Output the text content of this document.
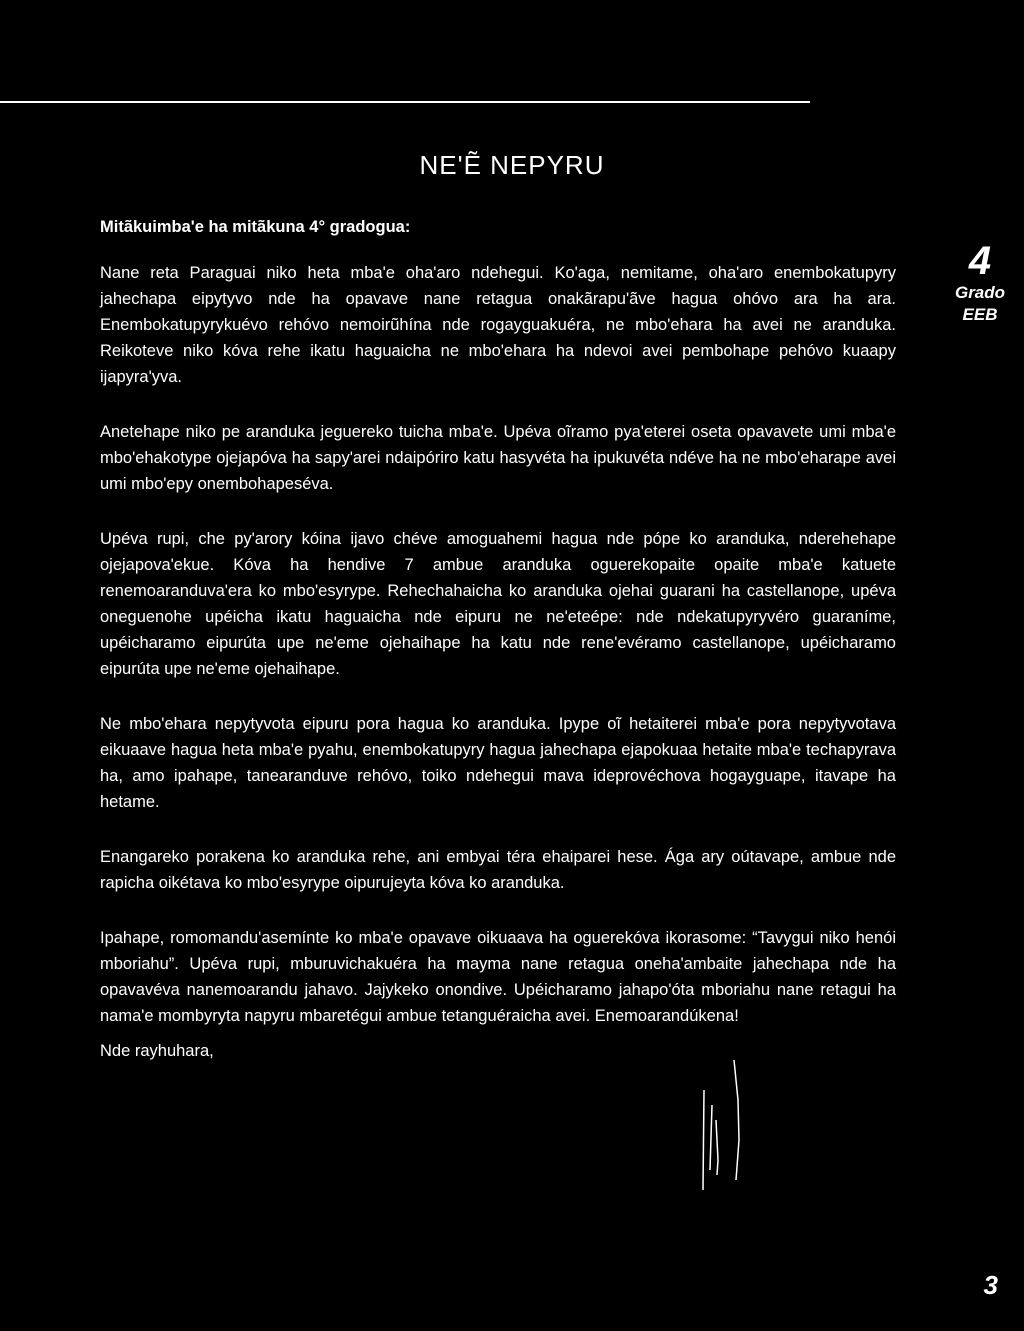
NE'Ẽ NEPYRU
Mitãkuimba'e ha mitãkuna 4° gradogua:
4
Grado
EEB

Nane reta Paraguai niko heta mba'e oha'aro ndehegui. Ko'aga, nemitame, oha'aro enembokatupyry jahechapa eipytyvo nde ha opavave nane retagua onakãrapu'ãve hagua ohóvo ara ha ara. Enembokatupyrykuévo rehóvo nemoirũhína nde rogayguakuéra, ne mbo'ehara ha avei ne aranduka. Reikoteve niko kóva rehe ikatu haguaicha ne mbo'ehara ha ndevoi avei pembohape pehóvo kuaapy ijapyra'yva.

Anetehape niko pe aranduka jeguereko tuicha mba'e. Upéva oĩramo pya'eterei oseta opavavete umi mba'e mbo'ehakotype ojejapóva ha sapy'arei ndaipóriro katu hasyvéta ha ipukuvéta ndéve ha ne mbo'eharape avei umi mbo'epy onembohapeséva.

Upéva rupi, che py'arory kóina ijavo chéve amoguahemi hagua nde pópe ko aranduka, nderehehape ojejapova'ekue. Kóva ha hendive 7 ambue aranduka oguerekopaite opaite mba'e katuete renemoaranduva'era ko mbo'esyrype. Rehechahaicha ko aranduka ojehai guarani ha castellanope, upéva oneguenohe upéicha ikatu haguaicha nde eipuru ne ne'eteépe: nde ndekatupyryvéro guaraníme, upéicharamo eipurúta upe ne'eme ojehaihape ha katu nde rene'evéramo castellanope, upéicharamo eipurúta upe ne'eme ojehaihape.

Ne mbo'ehara nepytyvota eipuru pora hagua ko aranduka. Ipype oĩ hetaiterei mba'e pora nepytyvotava eikuaave hagua heta mba'e pyahu, enembokatupyry hagua jahechapa ejapokuaa hetaite mba'e techapyrava ha, amo ipahape, tanearanduve rehóvo, toiko ndehegui mava ideprovéchova hogayguape, itavape ha hetame.

Enangareko porakena ko aranduka rehe, ani embyai téra ehaiparei hese. Ága ary oútavape, ambue nde rapicha oikétava ko mbo'esyrype oipurujeyta kóva ko aranduka.

Ipahape, romomandu'asemínte ko mba'e opavave oikuaava ha oguerekóva ikorasome: “Tavygui niko henói mboriahu”. Upéva rupi, mburuvichakuéra ha mayma nane retagua oneha'ambaite jahechapa nde ha opavavéva nanemoarandu jahavo. Jajykeko onondive. Upéicharamo jahapo'óta mboriahu nane retagui ha nama'e mombyryta napyru mbaretégui ambue tetanguéraicha avei. Enemoarandúkena!

Nde rayhuhara,
3
